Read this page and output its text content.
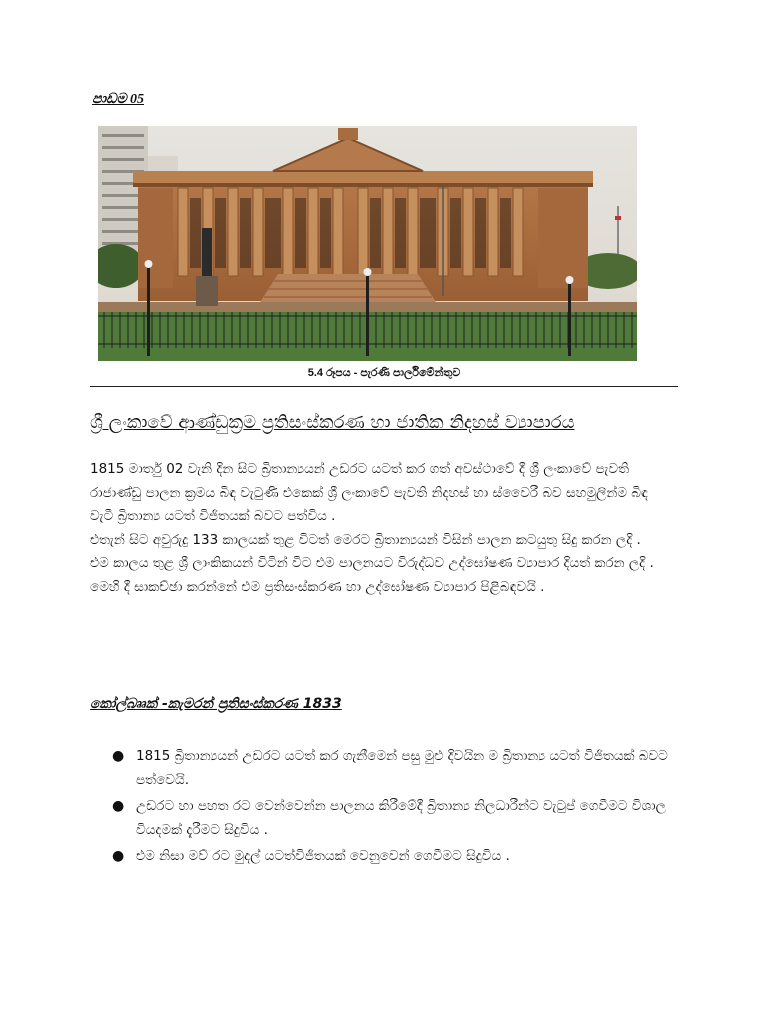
පාඩම 05
5.4 රූපය - පැරණි පාර්ලිමේන්තුව
ශ්‍රී ලංකාවේ ආණ්ඩුක්‍රම ප්‍රතිසංස්කරණ හා ජාතික නිදහස් ව්‍යාපාරය

1815 මාර්තු 02 වැනි දින සිට බ්‍රිතාන්‍යයන් උඩරට යටත් කර ගත් අවස්ථාවේ දී ශ්‍රී ලංකාවේ පැවති රාජාණ්ඩු පාලන ක්‍රමය බිඳ වැටුණි එකෙක් ශ්‍රී ලංකාවේ පැවති නිදහස් හා ස්වෛරී බව සහමුලින්ම බිඳ වැටී බ්‍රිතාන්‍ය යටත් විජිතයක් බවට පත්විය .

එතැන් සිට අවුරුදු 133 කාලයක් තුළ විටත් මෙරට බ්‍රිතාන්‍යයන් විසින් පාලන කටයුතු සිදු කරන ලදි .

එම කාලය තුළ ශ්‍රී ලාංකිකයන් විටින් විට එම පාලනයට විරුද්ධව උද්ඝෝෂණ ව්‍යාපාර දියත් කරන ලදි .

මෙහි දී සාකච්ඡා කරන්නේ එම ප්‍රතිසංස්කරණ හා උද්ඝෝෂණ ව්‍යාපාර පිළිබඳවයි .

කෝල්බෲක් -කැමරන් ප්‍රතිසංස්කරණ 1833
● 1815 බ්‍රිතාන්‍යයන් උඩරට යටත් කර ගැනීමෙන් පසු මුළු දිවයින ම බ්‍රිතාන්‍ය යටත් විජිතයක් බවට පත්වෙයි.
● උඩරට හා පහත රට වෙන්වෙන්න පාලනය කිරීමේදී බ්‍රිතාන්‍ය නිලධාරීන්ට වැටුප් ගෙවීමට විශාල වියදමක් දැරීමට සිදුවිය .
● එම නිසා මව් රට මුදල් යටත්විජිතයක් වෙනුවෙන් ගෙවීමට සිදුවිය .
